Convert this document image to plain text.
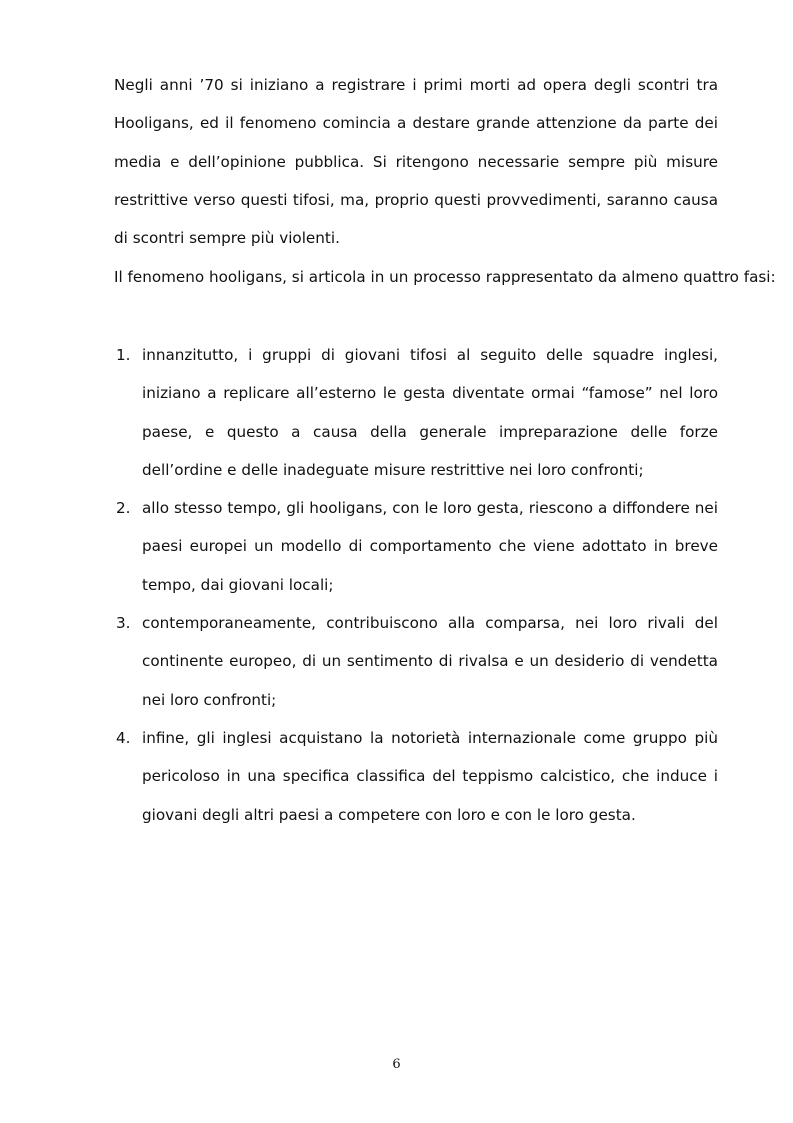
Negli anni ’70 si iniziano a registrare i primi morti ad opera degli scontri tra Hooligans, ed il fenomeno comincia a destare grande attenzione da parte dei media e dell’opinione pubblica. Si ritengono necessarie sempre più misure restrittive verso questi tifosi, ma, proprio questi provvedimenti, saranno causa di scontri sempre più violenti.

Il fenomeno hooligans, si articola in un processo rappresentato da almeno quattro fasi:

1. innanzitutto, i gruppi di giovani tifosi al seguito delle squadre inglesi, iniziano a replicare all’esterno le gesta diventate ormai “famose” nel loro paese, e questo a causa della generale impreparazione delle forze dell’ordine e delle inadeguate misure restrittive nei loro confronti;
2. allo stesso tempo, gli hooligans, con le loro gesta, riescono a diffondere nei paesi europei un modello di comportamento che viene adottato in breve tempo, dai giovani locali;
3. contemporaneamente, contribuiscono alla comparsa, nei loro rivali del continente europeo, di un sentimento di rivalsa e un desiderio di vendetta nei loro confronti;
4. infine, gli inglesi acquistano la notorietà internazionale come gruppo più pericoloso in una specifica classifica del teppismo calcistico, che induce i giovani degli altri paesi a competere con loro e con le loro gesta.
6
